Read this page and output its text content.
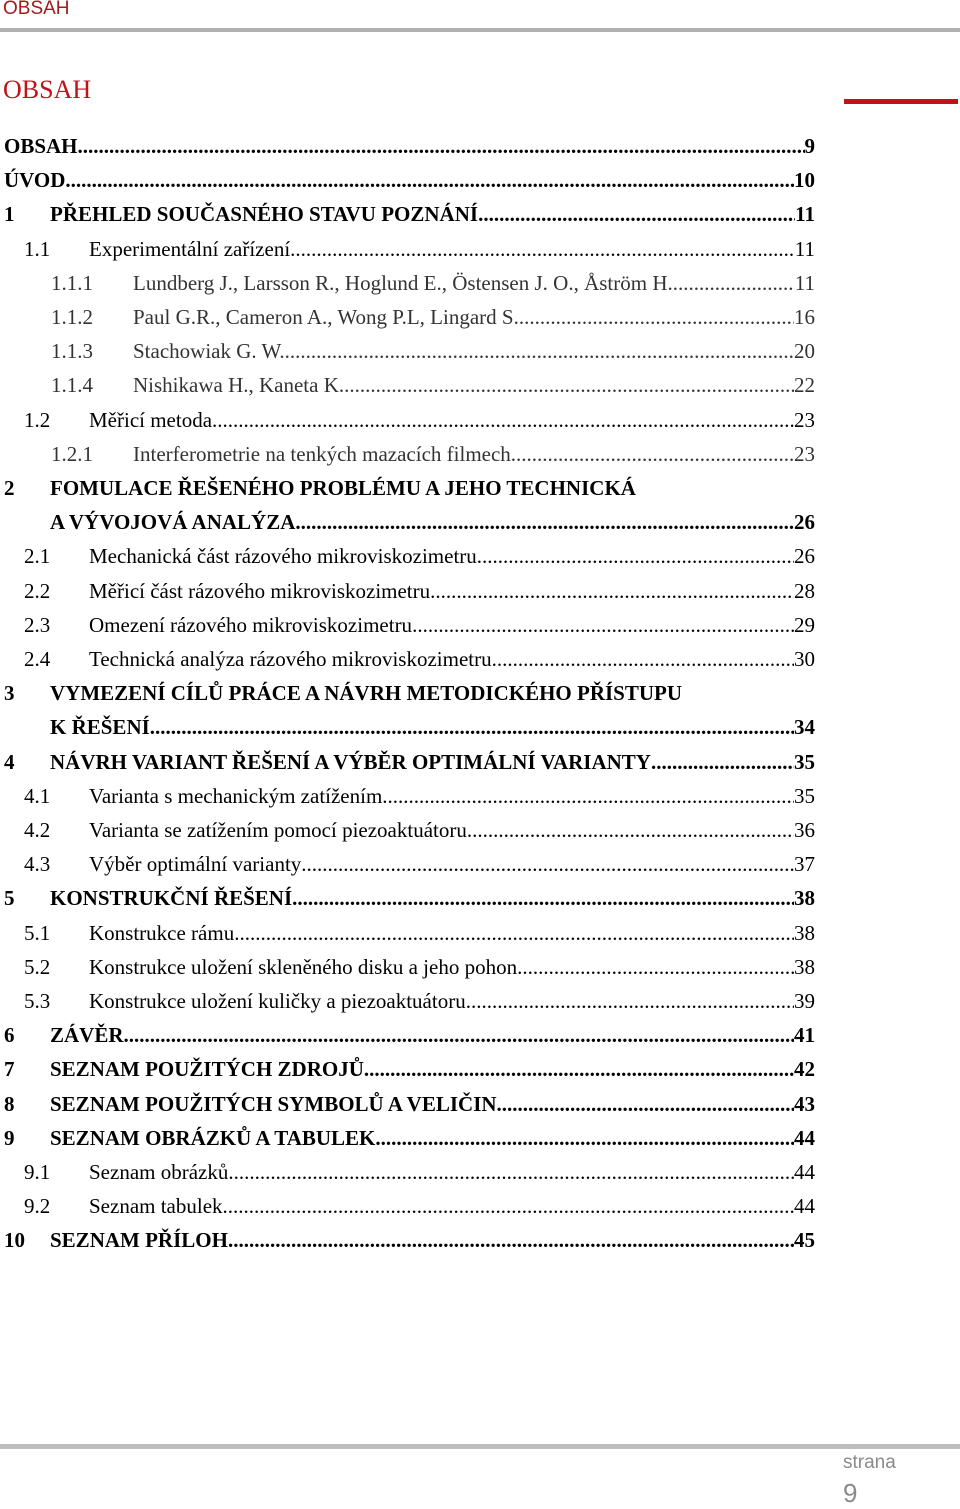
OBSAH
OBSAH
OBSAH .....	9
ÚVOD .....	10
1 PŘEHLED SOUČASNÉHO STAVU POZNÁNÍ .....	11
1.1 Experimentální zařízení .....	11
1.1.1 Lundberg J., Larsson R., Hoglund E., Östensen J. O., Åström H. .....	11
1.1.2 Paul G.R., Cameron A., Wong P.L, Lingard S. .....	16
1.1.3 Stachowiak G. W. .....	20
1.1.4 Nishikawa H., Kaneta K. .....	22
1.2 Měřicí metoda .....	23
1.2.1 Interferometrie na tenkých mazacích filmech .....	23
2 FOMULACE ŘEŠENÉHO PROBLÉMU A JEHO TECHNICKÁ
A VÝVOJOVÁ ANALÝZA .....	26
2.1 Mechanická část rázového mikroviskozimetru .....	26
2.2 Měřicí část rázového mikroviskozimetru .....	28
2.3 Omezení rázového mikroviskozimetru .....	29
2.4 Technická analýza rázového mikroviskozimetru .....	30
3 VYMEZENÍ CÍLŮ PRÁCE A NÁVRH METODICKÉHO PŘÍSTUPU
K ŘEŠENÍ .....	34
4 NÁVRH VARIANT ŘEŠENÍ A VÝBĚR OPTIMÁLNÍ VARIANTY .....	35
4.1 Varianta s mechanickým zatížením .....	35
4.2 Varianta se zatížením pomocí piezoaktuátoru .....	36
4.3 Výběr optimální varianty .....	37
5 KONSTRUKČNÍ ŘEŠENÍ .....	38
5.1 Konstrukce rámu .....	38
5.2 Konstrukce uložení skleněného disku a jeho pohon .....	38
5.3 Konstrukce uložení kuličky a piezoaktuátoru .....	39
6 ZÁVĚR .....	41
7 SEZNAM POUŽITÝCH ZDROJŮ .....	42
8 SEZNAM POUŽITÝCH SYMBOLŮ A VELIČIN .....	43
9 SEZNAM OBRÁZKŮ A TABULEK .....	44
9.1 Seznam obrázků .....	44
9.2 Seznam tabulek .....	44
10 SEZNAM PŘÍLOH .....	45
strana
9
